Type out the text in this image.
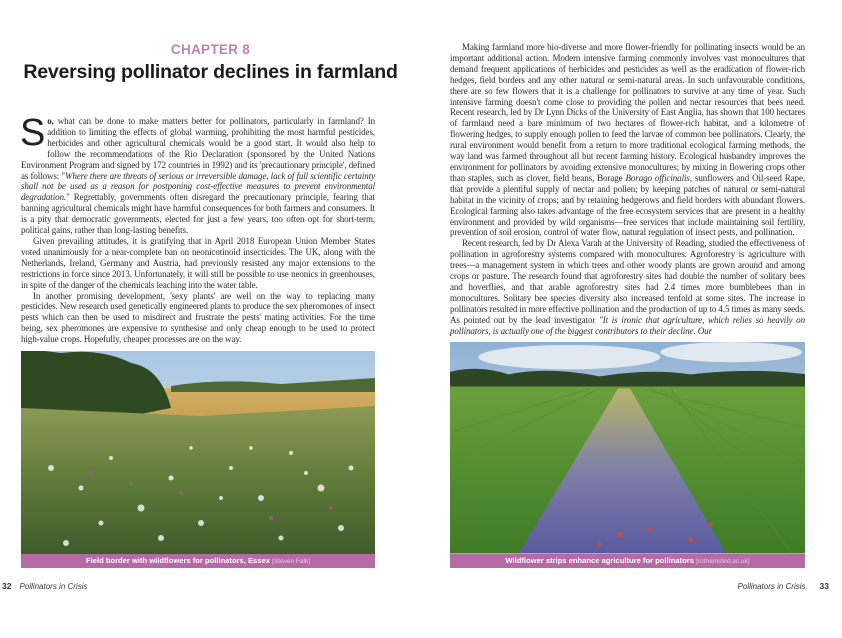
CHAPTER 8
Reversing pollinator declines in farmland

So, what can be done to make matters better for pollinators, particularly in farmland? In addition to limiting the effects of global warming, prohibiting the most harmful pesticides, herbicides and other agricultural chemicals would be a good start. It would also help to follow the recommendations of the Rio Declaration (sponsored by the United Nations Environment Program and signed by 172 countries in 1992) and its 'precautionary principle', defined as follows: "Where there are threats of serious or irreversible damage, lack of full scientific certainty shall not be used as a reason for postponing cost-effective measures to prevent environmental degradation." Regrettably, governments often disregard the precautionary principle, fearing that banning agricultural chemicals might have harmful consequences for both farmers and consumers. It is a pity that democratic governments, elected for just a few years, too often opt for short-term, political gains, rather than long-lasting benefits.

Given prevailing attitudes, it is gratifying that in April 2018 European Union Member States voted unanimously for a near-complete ban on neonicotinoid insecticides. The UK, along with the Netherlands, Ireland, Germany and Austria, had previously resisted any major extensions to the restrictions in force since 2013. Unfortunately, it will still be possible to use neonics in greenhouses, in spite of the danger of the chemicals leaching into the water table.

In another promising development, 'sexy plants' are well on the way to replacing many pesticides. New research used genetically engineered plants to produce the sex pheromones of insect pests which can then be used to misdirect and frustrate the pests' mating activities. For the time being, sex pheromones are expensive to synthesise and only cheap enough to be used to protect high-value crops. Hopefully, cheaper processes are on the way.

Field border with wildflowers for pollinators, Essex [Steven Falk]
32 Pollinators in Crisis

Making farmland more bio-diverse and more flower-friendly for pollinating insects would be an important additional action. Modern intensive farming commonly involves vast monocultures that demand frequent applications of herbicides and pesticides as well as the eradication of flower-rich hedges, field borders and any other natural or semi-natural areas. In such unfavourable conditions, there are so few flowers that it is a challenge for pollinators to survive at any time of year. Such intensive farming doesn't come close to providing the pollen and nectar resources that bees need. Recent research, led by Dr Lynn Dicks of the University of East Anglia, has shown that 100 hectares of farmland need a bare minimum of two hectares of flower-rich habitat, and a kilometre of flowering hedges, to supply enough pollen to feed the larvae of common bee pollinators. Clearly, the rural environment would benefit from a return to more traditional ecological farming methods, the way land was farmed throughout all but recent farming history. Ecological husbandry improves the environment for pollinators by avoiding extensive monocultures; by mixing in flowering crops other than staples, such as clover, field beans, Borage Borago officinalis, sunflowers and Oil-seed Rape, that provide a plentiful supply of nectar and pollen; by keeping patches of natural or semi-natural habitat in the vicinity of crops; and by retaining hedgerows and field borders with abundant flowers. Ecological farming also takes advantage of the free ecosystem services that are present in a healthy environment and provided by wild organisms—free services that include maintaining soil fertility, prevention of soil erosion, control of water flow, natural regulation of insect pests, and pollination.

Recent research, led by Dr Alexa Varah at the University of Reading, studied the effectiveness of pollination in agroforestry systems compared with monocultures. Agroforestry is agriculture with trees—a management system in which trees and other woody plants are grown around and among crops or pasture. The research found that agroforestry sites had double the number of solitary bees and hoverflies, and that arable agroforestry sites had 2.4 times more bumblebees than in monocultures. Solitary bee species diversity also increased tenfold at some sites. The increase in pollinators resulted in more effective pollination and the production of up to 4.5 times as many seeds. As pointed out by the lead investigator "It is ironic that agriculture, which relies so heavily on pollinators, is actually one of the biggest contributors to their decline. Our

Wildflower strips enhance agriculture for pollinators [rothamsted.ac.uk]
Pollinators in Crisis 33
